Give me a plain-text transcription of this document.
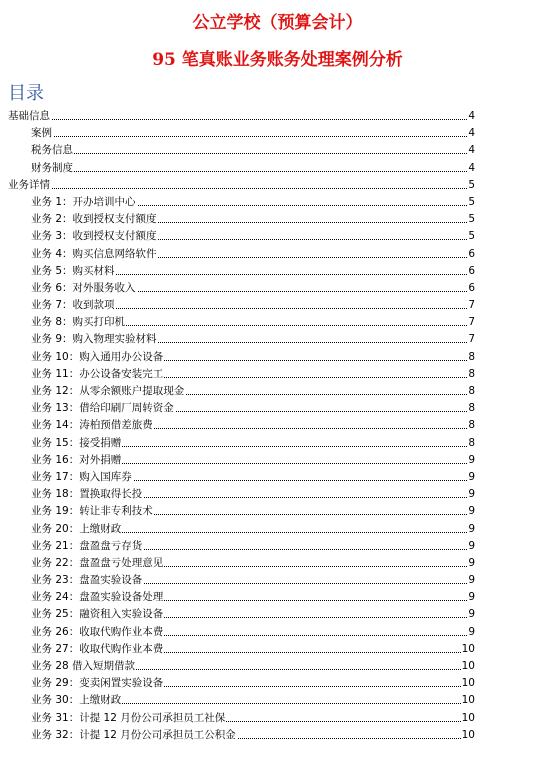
公立学校（预算会计）
95 笔真账业务账务处理案例分析
目录
基础信息	4
案例	4
税务信息	4
财务制度	4
业务详情	5
业务 1：开办培训中心	5
业务 2：收到授权支付额度	5
业务 3：收到授权支付额度	5
业务 4：购买信息网络软件	6
业务 5：购买材料	6
业务 6：对外服务收入	6
业务 7：收到款项	7
业务 8：购买打印机	7
业务 9：购入物理实验材料	7
业务 10：购入通用办公设备	8
业务 11：办公设备安装完工	8
业务 12：从零余额账户提取现金	8
业务 13：借给印刷厂周转资金	8
业务 14：涛柏预借差旅费	8
业务 15：接受捐赠	8
业务 16：对外捐赠	9
业务 17：购入国库券	9
业务 18：置换取得长投	9
业务 19：转让非专利技术	9
业务 20：上缴财政	9
业务 21：盘盈盘亏存货	9
业务 22：盘盈盘亏处理意见	9
业务 23：盘盈实验设备	9
业务 24：盘盈实验设备处理	9
业务 25：融资租入实验设备	9
业务 26：收取代购作业本费	9
业务 27：收取代购作业本费	10
业务 28 借入短期借款	10
业务 29：变卖闲置实验设备	10
业务 30：上缴财政	10
业务 31：计提 12 月份公司承担员工社保	10
业务 32：计提 12 月份公司承担员工公积金	10
